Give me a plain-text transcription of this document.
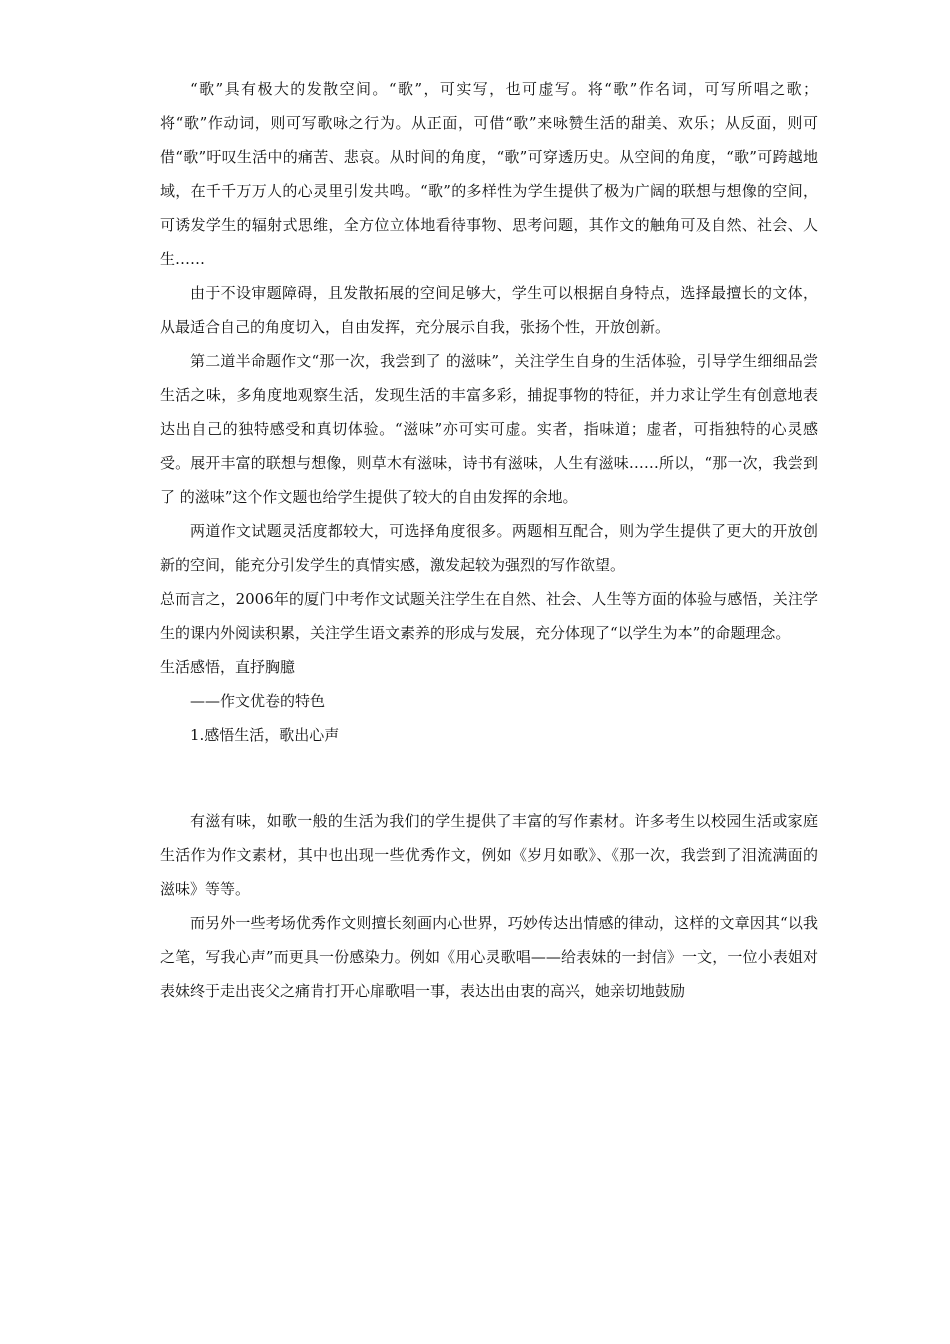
“歌”具有极大的发散空间。“歌”，可实写，也可虚写。将“歌”作名词，可写所唱之歌；将“歌”作动词，则可写歌咏之行为。从正面，可借“歌”来咏赞生活的甜美、欢乐；从反面，则可借“歌”吁叹生活中的痛苦、悲哀。从时间的角度，“歌”可穿透历史。从空间的角度，“歌”可跨越地域，在千千万万人的心灵里引发共鸣。“歌”的多样性为学生提供了极为广阔的联想与想像的空间，可诱发学生的辐射式思维，全方位立体地看待事物、思考问题，其作文的触角可及自然、社会、人生……

由于不设审题障碍，且发散拓展的空间足够大，学生可以根据自身特点，选择最擅长的文体，从最适合自己的角度切入，自由发挥，充分展示自我，张扬个性，开放创新。

第二道半命题作文“那一次，我尝到了 的滋味”，关注学生自身的生活体验，引导学生细细品尝生活之味，多角度地观察生活，发现生活的丰富多彩，捕捉事物的特征，并力求让学生有创意地表达出自己的独特感受和真切体验。“滋味”亦可实可虚。实者，指味道；虚者，可指独特的心灵感受。展开丰富的联想与想像，则草木有滋味，诗书有滋味，人生有滋味……所以，“那一次，我尝到了 的滋味”这个作文题也给学生提供了较大的自由发挥的余地。

两道作文试题灵活度都较大，可选择角度很多。两题相互配合，则为学生提供了更大的开放创新的空间，能充分引发学生的真情实感，激发起较为强烈的写作欲望。

总而言之，2006年的厦门中考作文试题关注学生在自然、社会、人生等方面的体验与感悟，关注学生的课内外阅读积累，关注学生语文素养的形成与发展，充分体现了“以学生为本”的命题理念。

生活感悟，直抒胸臆

——作文优卷的特色

1.感悟生活，歌出心声

有滋有味，如歌一般的生活为我们的学生提供了丰富的写作素材。许多考生以校园生活或家庭生活作为作文素材，其中也出现一些优秀作文，例如《岁月如歌》、《那一次，我尝到了泪流满面的滋味》等等。

而另外一些考场优秀作文则擅长刻画内心世界，巧妙传达出情感的律动，这样的文章因其“以我之笔，写我心声”而更具一份感染力。例如《用心灵歌唱——给表妹的一封信》一文，一位小表姐对表妹终于走出丧父之痛肯打开心扉歌唱一事，表达出由衷的高兴，她亲切地鼓励
